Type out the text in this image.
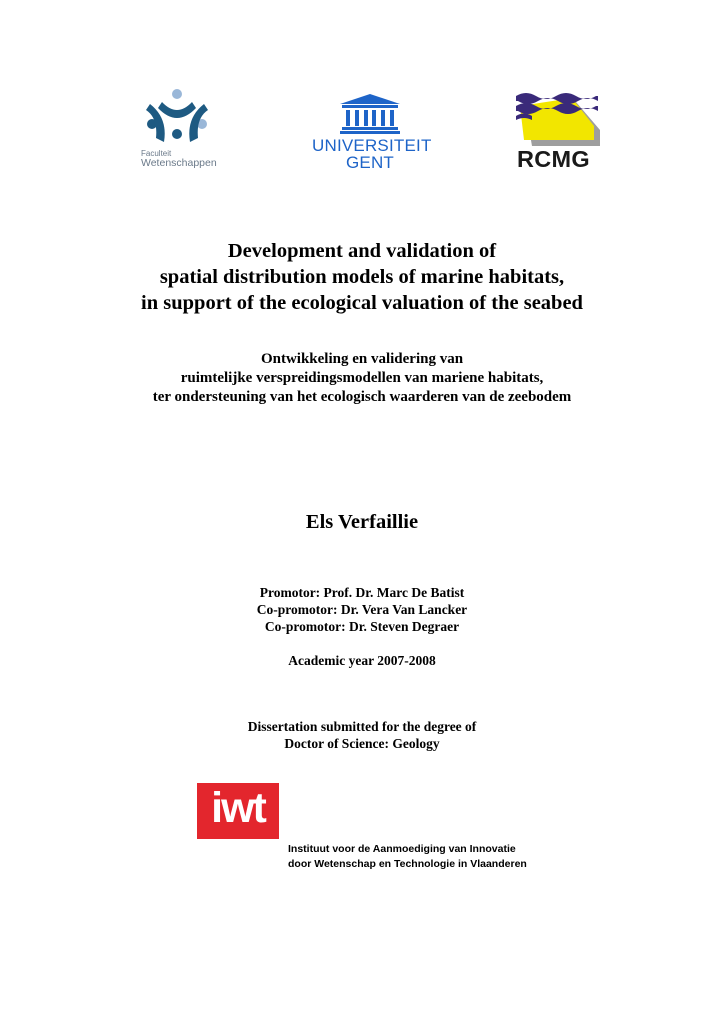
Faculteit
Wetenschappen
UNIVERSITEIT
GENT	RCMG
Development and validation of
spatial distribution models of marine habitats,
in support of the ecological valuation of the seabed
Ontwikkeling en validering van
ruimtelijke verspreidingsmodellen van mariene habitats,
ter ondersteuning van het ecologisch waarderen van de zeebodem
Els Verfaillie
Promotor: Prof. Dr. Marc De Batist
Co-promotor: Dr. Vera Van Lancker
Co-promotor: Dr. Steven Degraer
Academic year 2007-2008
Dissertation submitted for the degree of
Doctor of Science: Geology
iwt
Instituut voor de Aanmoediging van Innovatie
door Wetenschap en Technologie in Vlaanderen
